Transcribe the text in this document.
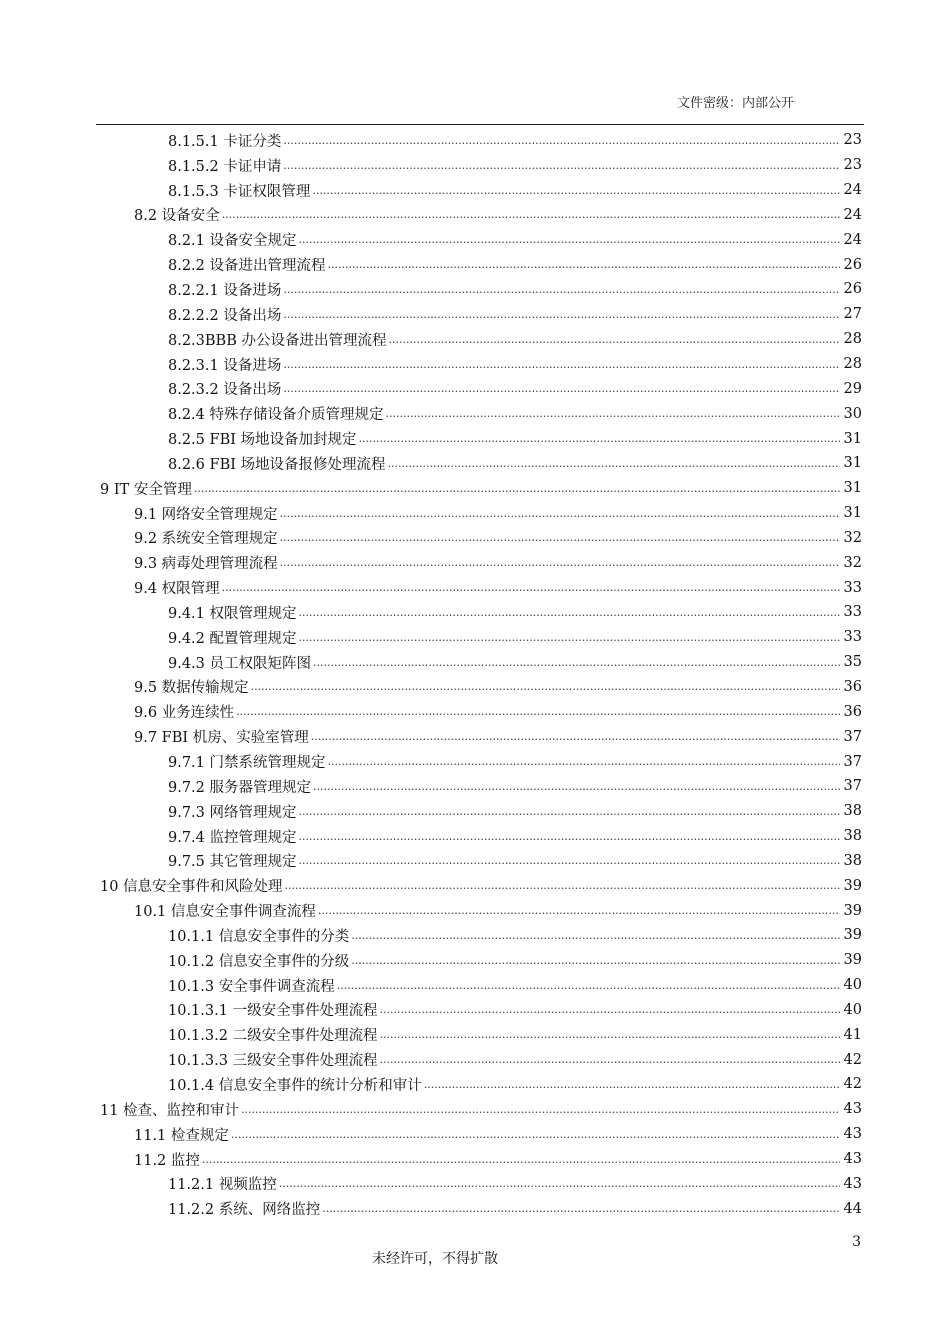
文件密级：内部公开
8.1.5.1 卡证分类 .....	23
8.1.5.2 卡证申请 .....	23
8.1.5.3 卡证权限管理 .....	24
8.2 设备安全 .....	24
8.2.1 设备安全规定 .....	24
8.2.2 设备进出管理流程 .....	26
8.2.2.1 设备进场 .....	26
8.2.2.2 设备出场 .....	27
8.2.3BBB 办公设备进出管理流程 .....	28
8.2.3.1 设备进场 .....	28
8.2.3.2 设备出场 .....	29
8.2.4 特殊存储设备介质管理规定 .....	30
8.2.5 FBI 场地设备加封规定 .....	31
8.2.6 FBI 场地设备报修处理流程 .....	31
9 IT 安全管理 .....	31
9.1 网络安全管理规定 .....	31
9.2 系统安全管理规定 .....	32
9.3 病毒处理管理流程 .....	32
9.4 权限管理 .....	33
9.4.1 权限管理规定 .....	33
9.4.2 配置管理规定 .....	33
9.4.3 员工权限矩阵图 .....	35
9.5 数据传输规定 .....	36
9.6 业务连续性 .....	36
9.7 FBI 机房、实验室管理 .....	37
9.7.1 门禁系统管理规定 .....	37
9.7.2 服务器管理规定 .....	37
9.7.3 网络管理规定 .....	38
9.7.4 监控管理规定 .....	38
9.7.5 其它管理规定 .....	38
10 信息安全事件和风险处理 .....	39
10.1 信息安全事件调查流程 .....	39
10.1.1 信息安全事件的分类 .....	39
10.1.2 信息安全事件的分级 .....	39
10.1.3 安全事件调查流程 .....	40
10.1.3.1 一级安全事件处理流程 .....	40
10.1.3.2 二级安全事件处理流程 .....	41
10.1.3.3 三级安全事件处理流程 .....	42
10.1.4 信息安全事件的统计分析和审计 .....	42
11 检查、监控和审计 .....	43
11.1 检查规定 .....	43
11.2 监控 .....	43
11.2.1 视频监控 .....	43
11.2.2 系统、网络监控 .....	44
3
未经许可，不得扩散
